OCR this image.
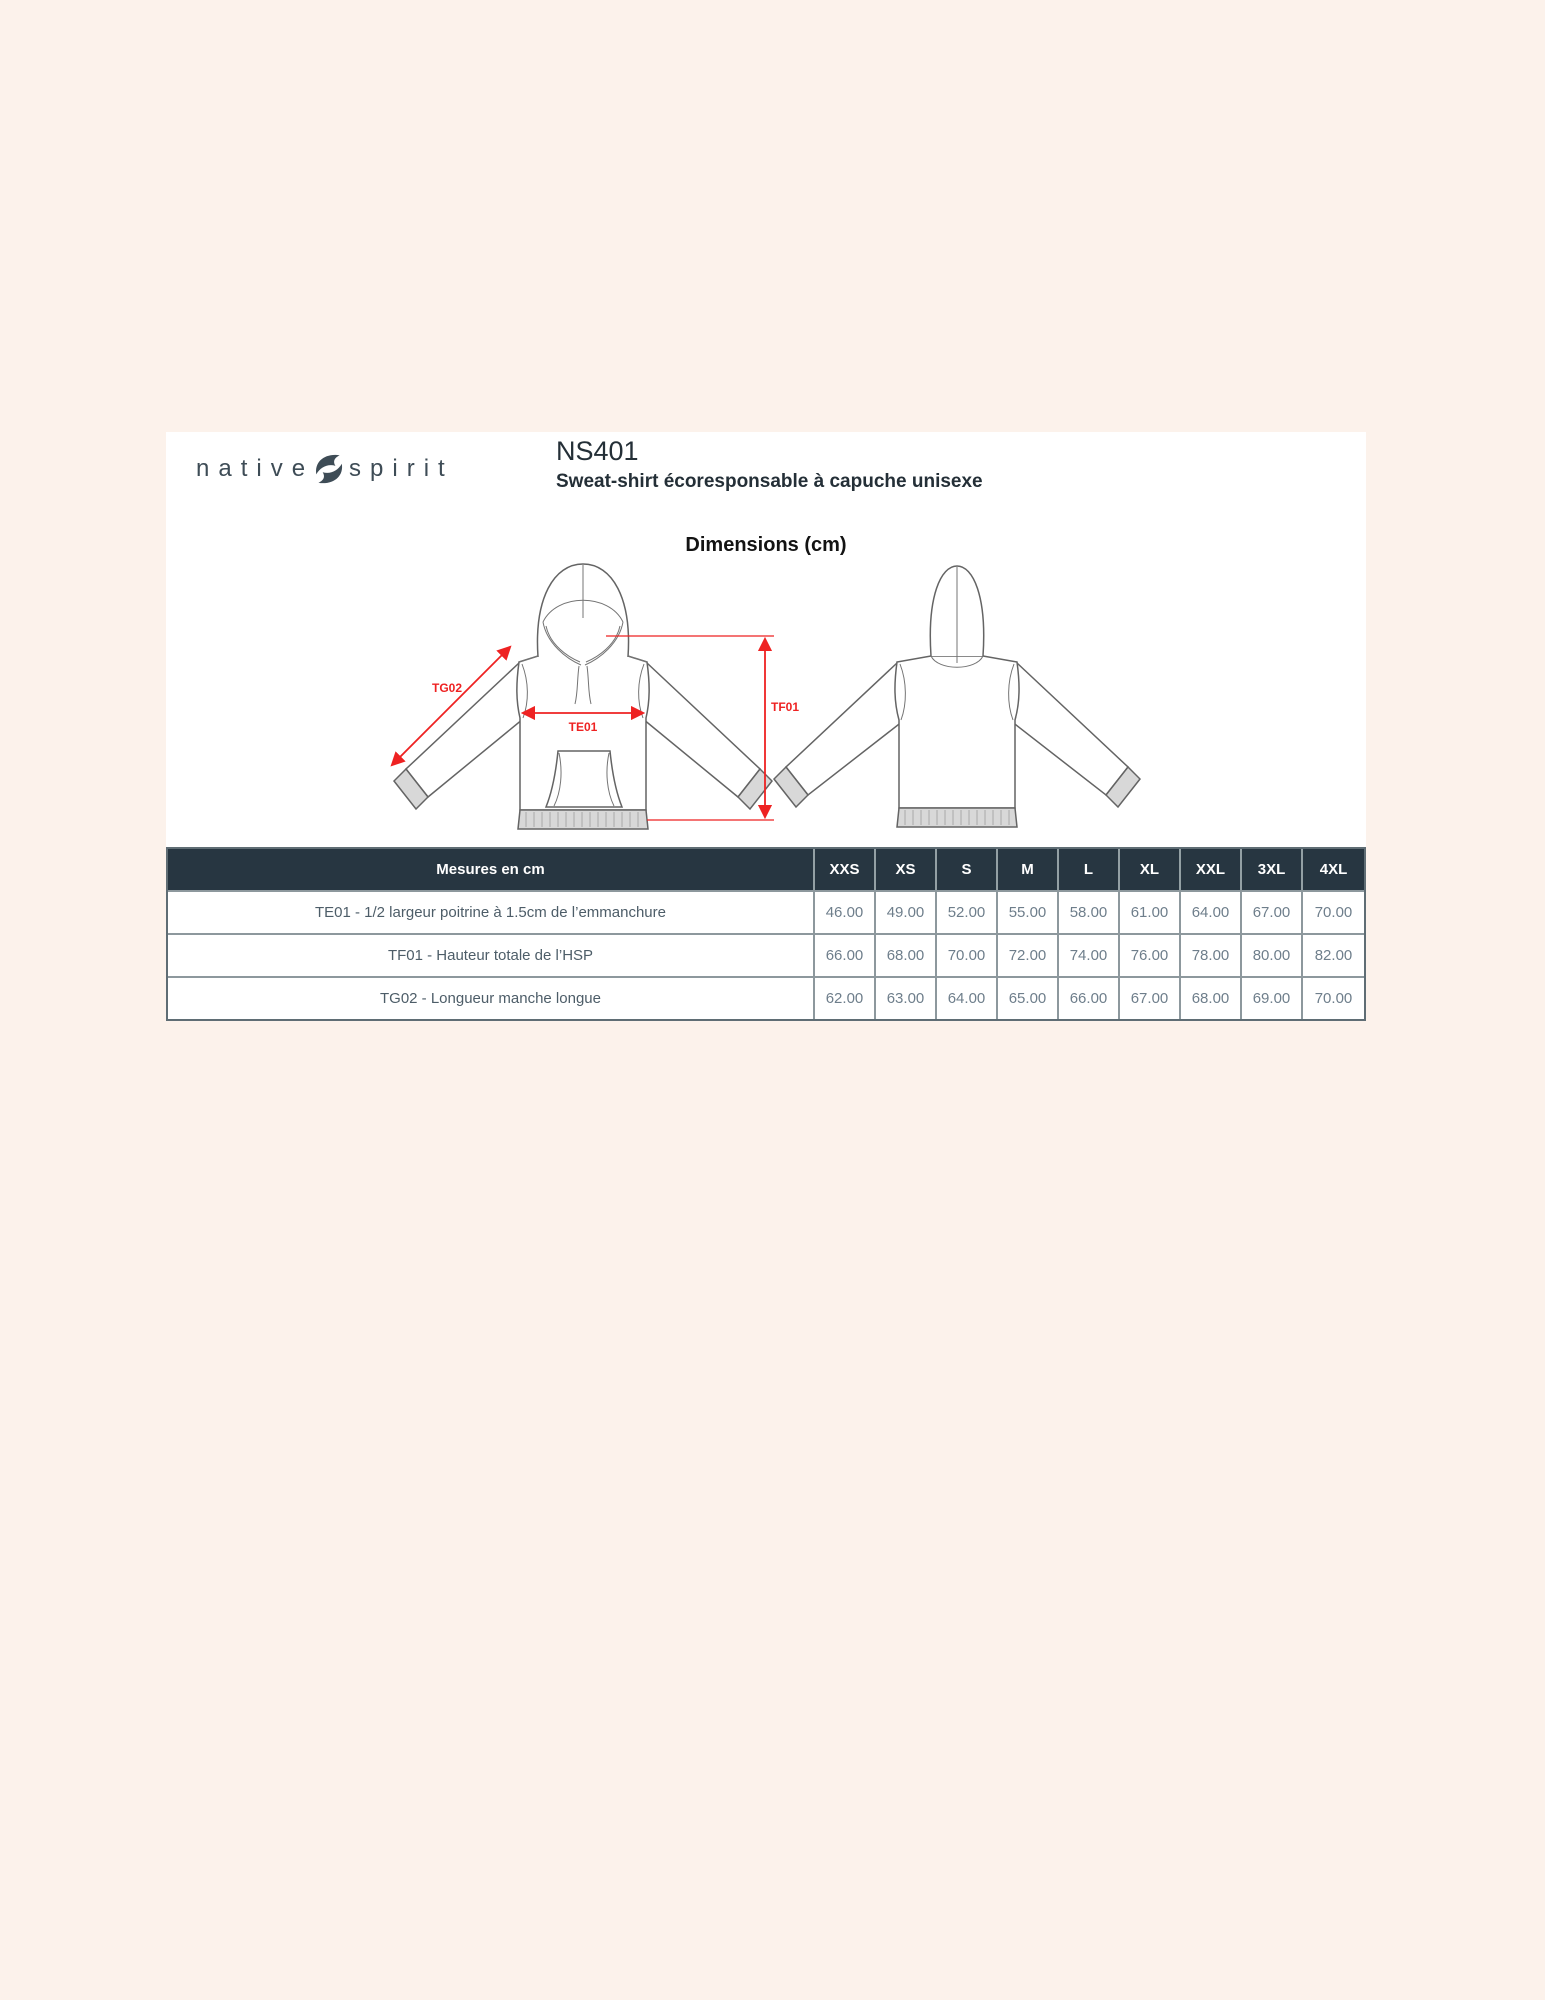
native spirit
NS401
Sweat-shirt écoresponsable à capuche unisexe
Dimensions (cm)
TG02
TE01
TF01
Mesures en cm	XXS	XS	S	M	L	XL	XXL	3XL	4XL
TE01 - 1/2 largeur poitrine à 1.5cm de l’emmanchure	46.00	49.00	52.00	55.00	58.00	61.00	64.00	67.00	70.00
TF01 - Hauteur totale de l’HSP	66.00	68.00	70.00	72.00	74.00	76.00	78.00	80.00	82.00
TG02 - Longueur manche longue	62.00	63.00	64.00	65.00	66.00	67.00	68.00	69.00	70.00
